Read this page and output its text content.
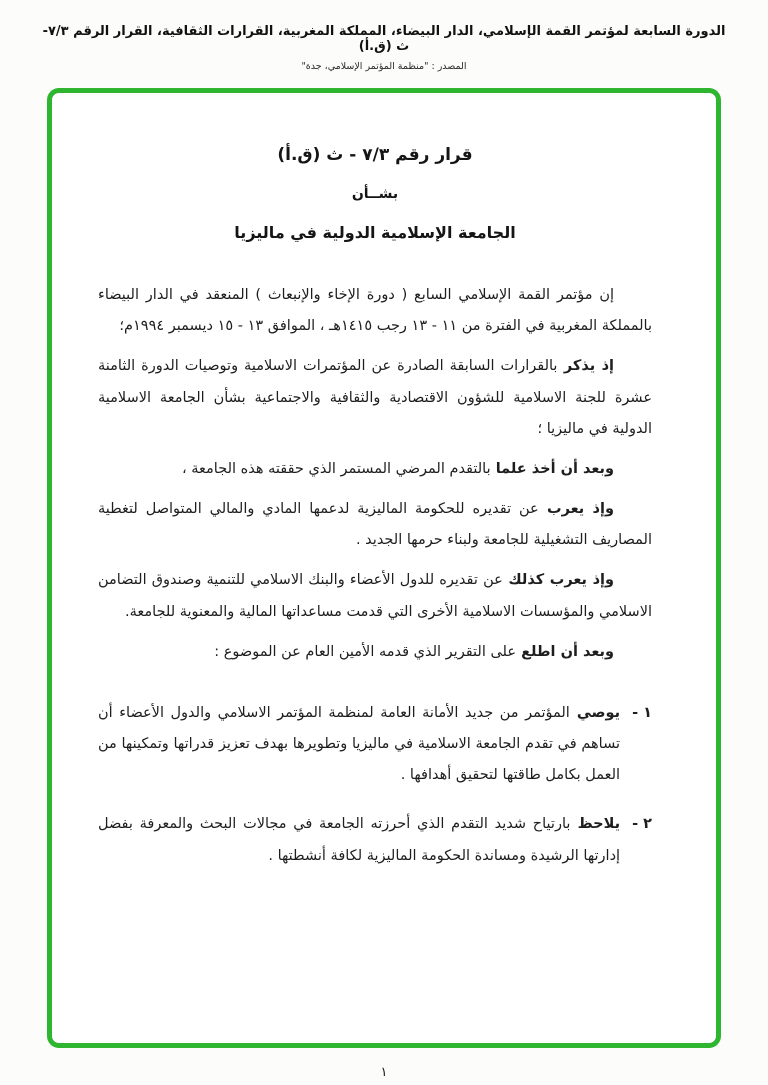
الدورة السابعة لمؤتمر القمة الإسلامي، الدار البيضاء، المملكة المغربية، القرارات الثقافية، القرار الرقم ٧/٣-ث (ق.أ)
المصدر : "منظمة المؤتمر الإسلامي، جدة"
قرار رقم ٧/٣ - ث (ق.أ)
بشــأن
الجامعة الإسلامية الدولية في ماليزيا

إن مؤتمر القمة الإسلامي السابع ( دورة الإخاء والإنبعاث ) المنعقد في الدار البيضاء بالمملكة المغربية في الفترة من ١١ - ١٣ رجب ١٤١٥هـ ، الموافق ١٣ - ١٥ ديسمبر ١٩٩٤م؛

إذ يذكربالقرارات السابقة الصادرة عن المؤتمرات الاسلامية وتوصيات الدورة الثامنة عشرة للجنة الاسلامية للشؤون الاقتصادية والثقافية والاجتماعية بشأن الجامعة الاسلامية الدولية في ماليزيا ؛

وبعد أن أخذ علمابالتقدم المرضي المستمر الذي حققته هذه الجامعة ،

وإذ يعربعن تقديره للحكومة الماليزية لدعمها المادي والمالي المتواصل لتغطية المصاريف التشغيلية للجامعة ولبناء حرمها الجديد .

وإذ يعرب كذلكعن تقديره للدول الأعضاء والبنك الاسلامي للتنمية وصندوق التضامن الاسلامي والمؤسسات الاسلامية الأخرى التي قدمت مساعداتها المالية والمعنوية للجامعة.

وبعد أن اطلععلى التقرير الذي قدمه الأمين العام عن الموضوع :

١ -
يوصيالمؤتمر من جديد الأمانة العامة لمنظمة المؤتمر الاسلامي والدول الأعضاء أن تساهم في تقدم الجامعة الاسلامية في ماليزيا وتطويرها بهدف تعزيز قدراتها وتمكينها من العمل بكامل طاقتها لتحقيق أهدافها .
٢ -
يلاحظبارتياح شديد التقدم الذي أحرزته الجامعة في مجالات البحث والمعرفة بفضل إدارتها الرشيدة ومساندة الحكومة الماليزية لكافة أنشطتها .
١
